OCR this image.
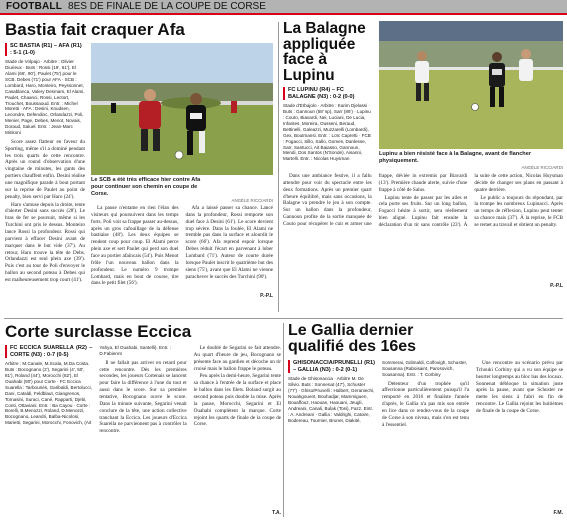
FOOTBALL 8ES DE FINALE DE LA COUPE DE CORSE
Bastia fait craquer Afa
SC BASTIA (R1) – AFA (R1) : 5-1 (1-0)
Stade de Volpajo · Arbitre : Olivier Diurieux · Buts : Rossi (19', 61'), El Alami (66', 90'), Paulet (75') pour le SCB. Debes (71') pour AFA · SCB : Lombard, Haro, Monteiro, Peyssonnet, Casablanca, Valery Desmars, El Alami, Paulet, Chaanci, Rossi, Lectort, Trouchet, Boussaoud. Entr. : Michel Moretti · AFA : Desini, Knudsen, Lecondre, Defendinc, Orlandazzi, Poli, Menier, Page, Debes, Menot, Novais, Doraud, Saluel. Entr. : Jean-Marc Minkoni

Score assez flatteur en faveur du Sporting, même s'il a dominé pendant les trois quarts de cette rencontre. Après un round d'observation d'une vingtaine de minutes, les gants des portiers chauffent enfin. Desini réalise une magnifique parade à bout portant sur la reprise de Paulet au point de penalty, bien servi par Haro (24').

Haro s'amuse depuis la droite, tente d'alerter Desini sans succès (28'). Le bras de fer se poursuit, même si les Turchini ont pris le dessus. Monteiro lance Rossi la profondeur. Rossi qui parvient à effacer Desini avant de marquer dans le but vide (37'). Au retour, Haro trouve la tête de Debs. Orlandazzi est seul plein axe (39'). Puis c'est au tour de Poli d'envoyer le ballon au second poteau à Debes qui est malheureusement trop court (41').

Le SCB a été très efficace hier contre Afa pour continuer son chemin en coupe de Corse.
ANGÈLE RICCIARDI

La pause n'entame en rien l'élan des visiteurs qui poursuivent dans les temps forts. Poli voit sa frappe passer au-dessus, après un gros cafouillage de la défense bastiaise (48'). Les deux équipes se rendent coup pour coup. El Alami perce plein axe et sert Paulet qui perd son duel face au portier afaïncais (54'). Puis Menot frôle l'un nouveau ballon dans la profondeur. Le numéro 9 trompe Lombard, mais en bout de course, tire dans le petit filet (56').

Afa a laissé passer sa chance. Lancé dans la profondeur, Rossi remporte son duel face à Desini (61'). Le score devient trop sévère. Dans la foulée, El Alami ne tremble pas dans la surface et alourdit le score (66'). Afa reprend espoir lorsque Debes réduit l'écart en parvenant à lober Lombard (71'). Auteur de courte durée lorsque Paulet inscrit le quatrième but des siens (75'), avant que El Alami ne vienne parachever le succès des Turchini (90').

P.-P.L
La Balagne appliquée face à Lupinu
FC LUPINU (R4) – FC BALAGNE (N3) : 0-2 (0-0)
Stade d'Erbajolo · Arbitre : Karim Djelassi · Buts : Gannoun (58' sp), Sarr (86') · Lupinu : Couto, Biavardi, Nei, Luciani, De Lucia, Infantes, Moreira, Ousseni, Beraud, Bettinelli, Galeazzi, Muzzarelli (Lombardi), Gex, Boutmansi. Entr. : Loïc Capretti · FCB : Fogacci, Sillo, Sallo, Gomes, Danlesse, Sarr, Santucci, Ait Baiasso, Gannoun, Mendi, Dos Santos (N'Sonde), Aisanni, Martelli. Entr. : Nicolas Huysman
Lupinu a bien résisté face à la Balagne, avant de flancher physiquement.
ANGÈLE RICCIARDI

Dans une ambiance festive, il a fallu attendre pour voir du spectacle entre les deux formations. Après un premier quart d'heure équilibré, mais sans occasions, la Balagne va prendre le jeu à son compte. Sur un ballon dans la profondeur, Gannoun profite de la sortie manquée de Couto pour récupérer le cuir et armer une frappe, déviée in extremis par Biavardi (13'). Première chaude alerte, suivie d'une frappe à côté de Salus.

Lupinu tente de passer par les ailes et cela porte ses fruits. Sur un long ballon, Fogacci hésite à sortir, sera réellement bien aligné. Lupinu fait ensuite la déclaration d'un tir sans contrôle (23'). À la suite de cette action, Nicolas Huysman décide de changer ses plans en passant à quatre derrière.

Le public a toujours du répondant, par la trompe les nombreux Lupinacci. Après un temps de réflexion, Lupinu peut tenter sa chance mais (37'). À la reprise, le FCB se remet au travail et obtient un penalty.

P.-P.L
Corte surclasse Eccica
FC ECCICA SUARELLA (R2) – CORTE (N3) : 0-7 (0-5)
Arbitre : M.Canale, M.Scala, M.Da Costa. Buts : Bocognano (2'), Segarini (4', 50', 81'), Roland (44'), Morocchi (82'), El Ouahabi (90') pour Corte · FC Eccica Suarella : Tarbouriés, Garibaldi, Bertolucci, Dani, Cataldi, Feldblaut, Giangrenos, Tomasini, Suraci, Cané, Rapparti, Djebi, Conti, Ottaviani. Entr. : Ba Cayou · Corte : Borelli, B.Menozzi, Roland, D.Menozzi, Bocognano, Leandri, Balba-Nicolosi, Marietti, Segarini, Morocchi, Fonovich, (Ait Yahya, El Ouahabi, Santelli). Entr. : D.Fabiennt

Il ne fallait pas arriver en retard pour cette rencontre. Dès les premières secondes, les joueurs Cortenais se lancent pour faire la différence à l'une du tout et aussi dans le score. Sur sa première tentative, Bocognano ouvre le score. Dans la minute suivante, Segarini venait conclure de la tête, une action collective tranchant la Eccica. Les joueurs d'Eccica Suarella ne parviennent pas à contrôler la rencontre.

Le doublé de Segarini se fait attendre. Au quart d'heure de jeu, Bocognano se présente face au gardien et décoche un tir croisé mais le ballon frappe le poteau.

Peu après la demi-heure, Segarini tente sa chance à l'entrée de la surface et place le ballon dans les filets. Boland surgit au second poteau puis double la mise. Après la pause, Morocchi, Segarini et El Ouahabi complètent la marque. Corte rejoint les quarts de finale de la coupe de Corse.

T.A.
Le Gallia dernier qualifié des 16es
GHISONACCIA/PRUNELLI (R1) – GALLIA (N3) : 0-2 (0-1)
Stade de Ghisonaccia · Arbitre M. De Silvio. Buts : Sonnenat (47'), Schuster (77') · Ghiso/Prunelli : Halbert, Geraniechi, Nouakgouent, Bouhadjar, Mammiguen, Bouaffouz, Haouan, Haouani, Jeugli, Andreani, Canali, Bulak (Tosi), Fazz. Entr. : A. Andreani · Gallia : Valdrighi, Catoire, Bodereau, Tournier, Brunet, Diakité, Sommerai, Gdimaldi, Colfovigh, Schuster, Sousanna (Raboisaint, Parosovich, Sousanna). Entr. : T. Corbiny

Détenteur d'un trophée qu'il affectionne particulièrement puisqu'il l'a remporté en 2016 et finaliste l'année d'après, le Gallia n'a pas mis son entrée en lice dans ce rendez-vous de la coupe de Corse à son niveau, mais s'en est tenu à l'essentiel.

Une rencontre au scénario prévu par Tchouki Corbiny qui a vu son équipe se heurter longtemps au bloc bas des locaux. Sonnenat débloque la situation juste après la pause, avant que Schuster ne mette les siens à l'abri en fin de rencontre. Le Gallia rejoint les huitièmes de finale de la coupe de Corse.

F.M.
